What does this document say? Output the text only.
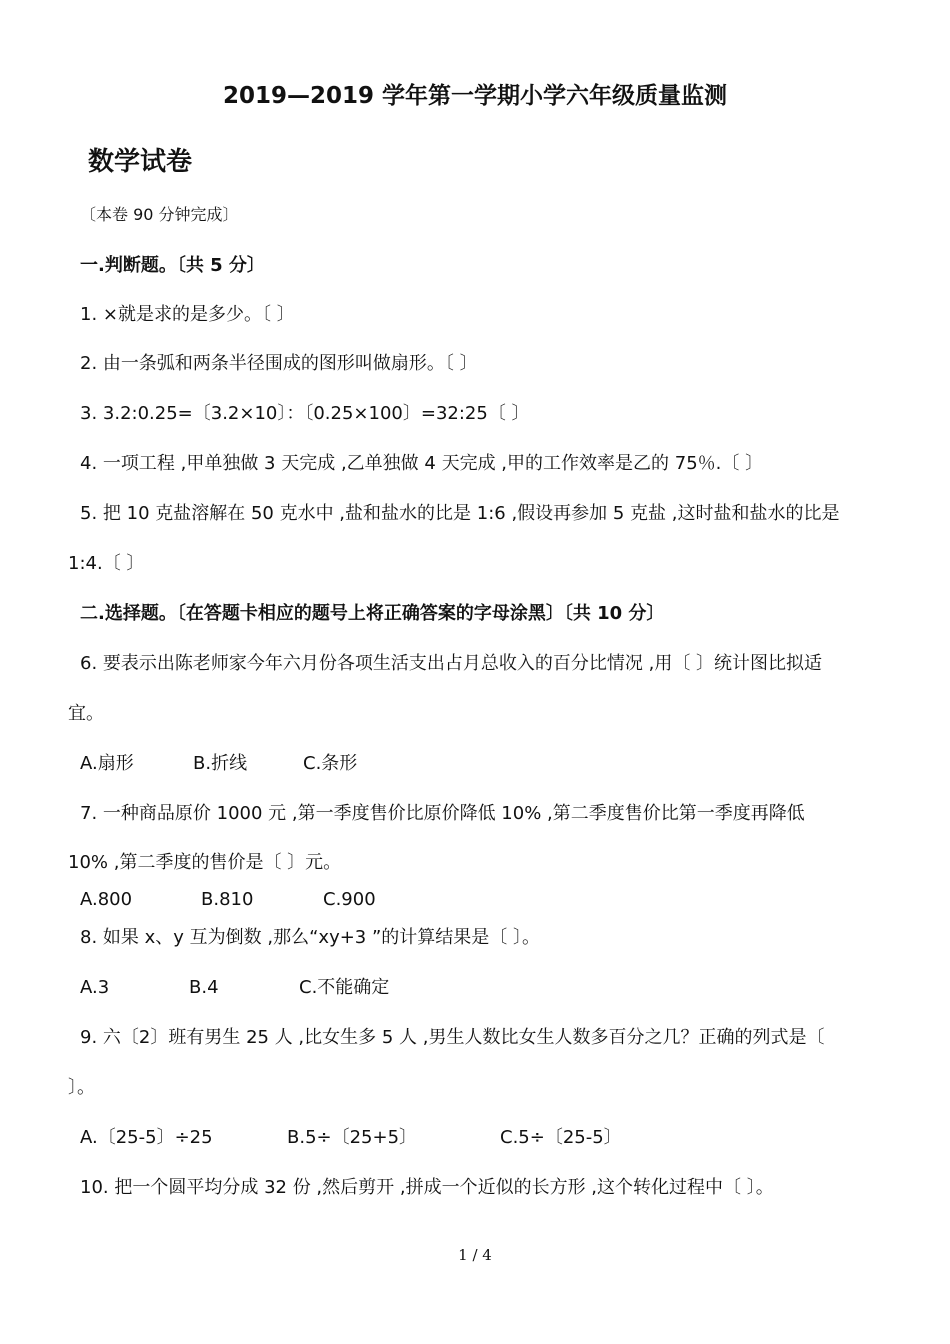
2019—2019 学年第一学期小学六年级质量监测
数学试卷
〔本卷 90 分钟完成〕
一.判断题。〔共 5 分〕
1. ×就是求的是多少。〔 〕
2. 由一条弧和两条半径围成的图形叫做扇形。〔 〕
3. 3.2:0.25=〔3.2×10〕：〔0.25×100〕=32:25〔 〕
4. 一项工程 ,甲单独做 3 天完成 ,乙单独做 4 天完成 ,甲的工作效率是乙的 75％.〔 〕
5. 把 10 克盐溶解在 50 克水中 ,盐和盐水的比是 1:6 ,假设再参加 5 克盐 ,这时盐和盐水的比是
1:4.〔 〕
二.选择题。〔在答题卡相应的题号上将正确答案的字母涂黑〕〔共 10 分〕
6. 要表示出陈老师家今年六月份各项生活支出占月总收入的百分比情况 ,用〔 〕统计图比拟适
宜。
A.扇形	B.折线	C.条形
7. 一种商品原价 1000 元 ,第一季度售价比原价降低 10% ,第二季度售价比第一季度再降低
10% ,第二季度的售价是〔 〕元。
A.800	B.810	C.900
8. 如果 x、y 互为倒数 ,那么“xy+3 ”的计算结果是〔 〕。
A.3	B.4	C.不能确定
9. 六〔2〕班有男生 25 人 ,比女生多 5 人 ,男生人数比女生人数多百分之几？正确的列式是〔
〕。
A.〔25-5〕÷25	B.5÷〔25+5〕	C.5÷〔25-5〕
10. 把一个圆平均分成 32 份 ,然后剪开 ,拼成一个近似的长方形 ,这个转化过程中〔 〕。
1 / 4
